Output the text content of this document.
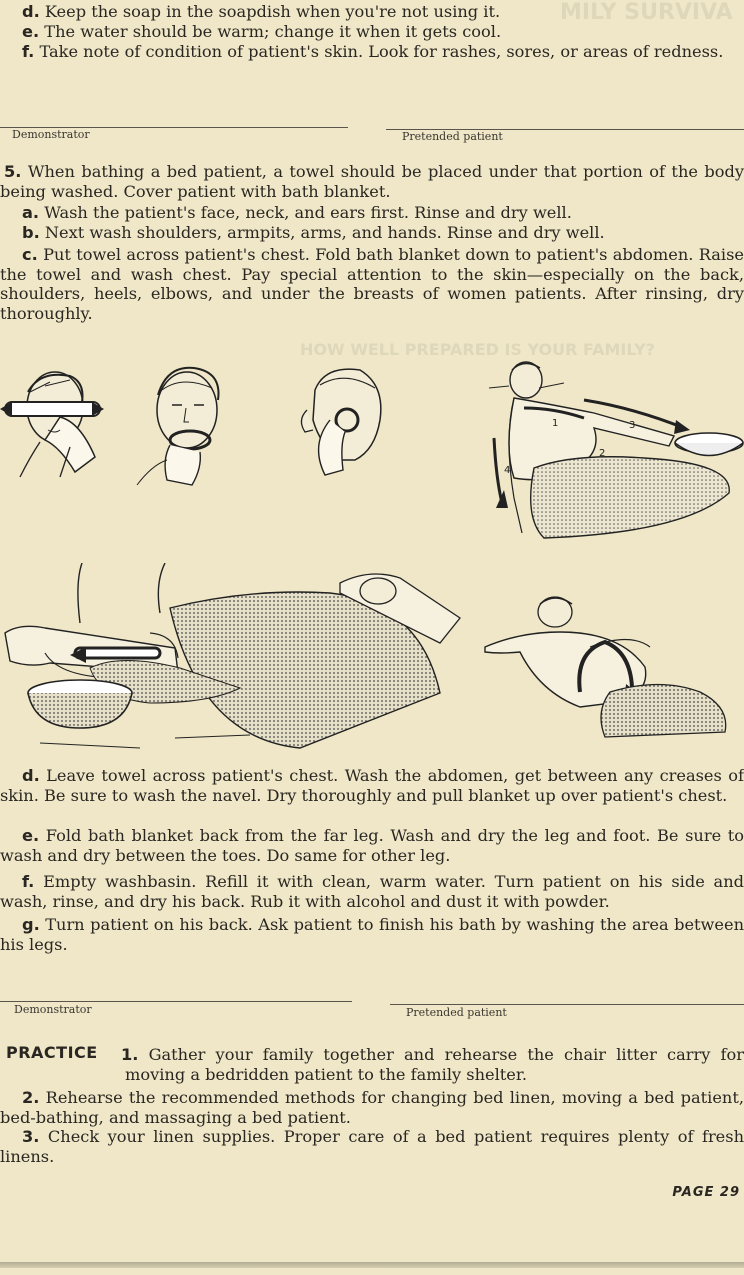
MILY SURVIVA
HOW WELL PREPARED IS YOUR FAMILY?

d. Keep the soap in the soapdish when you're not using it.

e. The water should be warm; change it when it gets cool.

f. Take note of condition of patient's skin. Look for rashes, sores, or areas of redness.

Demonstrator	Pretended patient

5. When bathing a bed patient, a towel should be placed under that portion of the body being washed. Cover patient with bath blanket.

a. Wash the patient's face, neck, and ears first. Rinse and dry well.

b. Next wash shoulders, armpits, arms, and hands. Rinse and dry well.

c. Put towel across patient's chest. Fold bath blanket down to patient's abdomen. Raise the towel and wash chest. Pay special attention to the skin—especially on the back, shoulders, heels, elbows, and under the breasts of women patients. After rinsing, dry thoroughly.

1
2
3
4

d. Leave towel across patient's chest. Wash the abdomen, get between any creases of skin. Be sure to wash the navel. Dry thoroughly and pull blanket up over patient's chest.

e. Fold bath blanket back from the far leg. Wash and dry the leg and foot. Be sure to wash and dry between the toes. Do same for other leg.

f. Empty washbasin. Refill it with clean, warm water. Turn patient on his side and wash, rinse, and dry his back. Rub it with alcohol and dust it with powder.

g. Turn patient on his back. Ask patient to finish his bath by washing the area between his legs.

Demonstrator	Pretended patient
PRACTICE 1. Gather your family together and rehearse the chair litter carry for moving a bedridden patient to the family shelter.

2. Rehearse the recommended methods for changing bed linen, moving a bed patient, bed-bathing, and massaging a bed patient.

3. Check your linen supplies. Proper care of a bed patient requires plenty of fresh linens.

PAGE 29
